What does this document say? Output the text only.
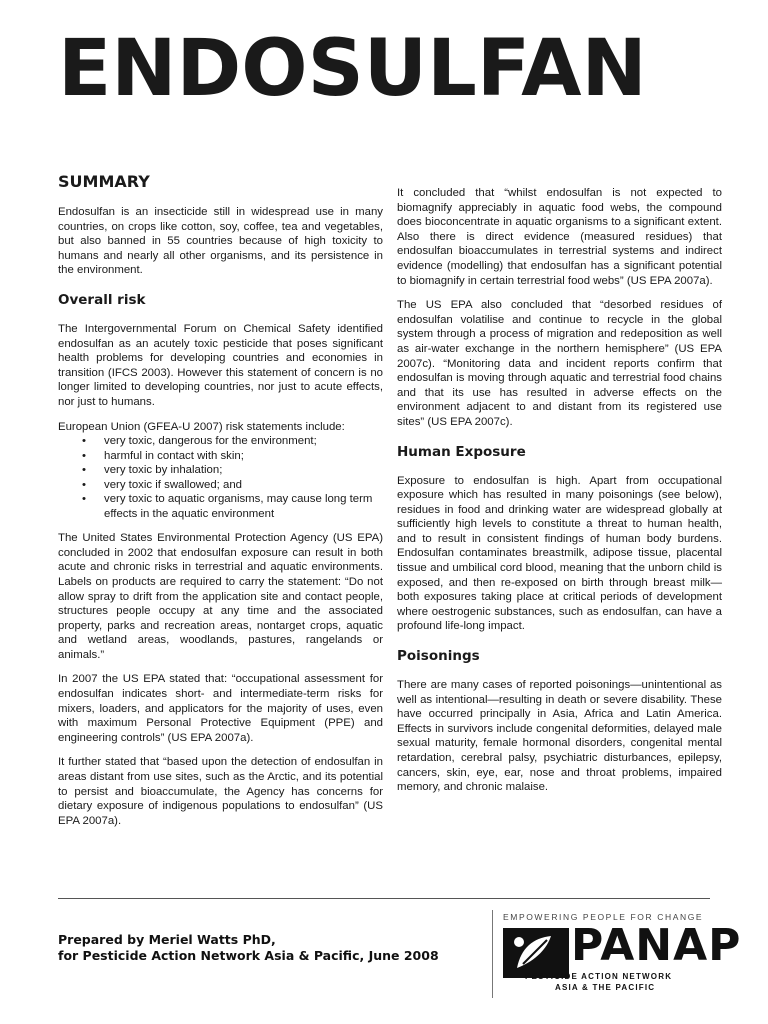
ENDOSULFAN
SUMMARY

Endosulfan is an insecticide still in widespread use in many countries, on crops like cotton, soy, coffee, tea and vegetables, but also banned in 55 countries because of high toxicity to humans and nearly all other organisms, and its persistence in the environment.

Overall risk

The Intergovernmental Forum on Chemical Safety identified endosulfan as an acutely toxic pesticide that poses significant health problems for developing countries and economies in transition (IFCS 2003). However this statement of concern is no longer limited to developing countries, nor just to acute effects, nor just to humans.

European Union (GFEA-U 2007) risk statements include:

• very toxic, dangerous for the environment;
• harmful in contact with skin;
• very toxic by inhalation;
• very toxic if swallowed; and
• very toxic to aquatic organisms, may cause long term effects in the aquatic environment

The United States Environmental Protection Agency (US EPA) concluded in 2002 that endosulfan exposure can result in both acute and chronic risks in terrestrial and aquatic environments. Labels on products are required to carry the statement: “Do not allow spray to drift from the application site and contact people, structures people occupy at any time and the associated property, parks and recreation areas, nontarget crops, aquatic and wetland areas, woodlands, pastures, rangelands or animals.”

In 2007 the US EPA stated that: “occupational assessment for endosulfan indicates short- and intermediate-term risks for mixers, loaders, and applicators for the majority of uses, even with maximum Personal Protective Equipment (PPE) and engineering controls” (US EPA 2007a).

It further stated that “based upon the detection of endosulfan in areas distant from use sites, such as the Arctic, and its potential to persist and bioaccumulate, the Agency has concerns for dietary exposure of indigenous populations to endosulfan” (US EPA 2007a).

It concluded that “whilst endosulfan is not expected to biomagnify appreciably in aquatic food webs, the compound does bioconcentrate in aquatic organisms to a significant extent. Also there is direct evidence (measured residues) that endosulfan bioaccumulates in terrestrial systems and indirect evidence (modelling) that endosulfan has a significant potential to biomagnify in certain terrestrial food webs” (US EPA 2007a).

The US EPA also concluded that “desorbed residues of endosulfan volatilise and continue to recycle in the global system through a process of migration and redeposition as well as air-water exchange in the northern hemisphere” (US EPA 2007c). “Monitoring data and incident reports confirm that endosulfan is moving through aquatic and terrestrial food chains and that its use has resulted in adverse effects on the environment adjacent to and distant from its registered use sites” (US EPA 2007c).

Human Exposure

Exposure to endosulfan is high. Apart from occupational exposure which has resulted in many poisonings (see below), residues in food and drinking water are widespread globally at sufficiently high levels to constitute a threat to human health, and to result in consistent findings of human body burdens. Endosulfan contaminates breastmilk, adipose tissue, placental tissue and umbilical cord blood, meaning that the unborn child is exposed, and then re-exposed on birth through breast milk—both exposures taking place at critical periods of development where oestrogenic substances, such as endosulfan, can have a profound life-long impact.

Poisonings

There are many cases of reported poisonings—unintentional as well as intentional—resulting in death or severe disability. These have occurred principally in Asia, Africa and Latin America. Effects in survivors include congenital deformities, delayed male sexual maturity, female hormonal disorders, congenital mental retardation, cerebral palsy, psychiatric disturbances, epilepsy, cancers, skin, eye, ear, nose and throat problems, impaired memory, and chronic malaise.

Prepared by Meriel Watts PhD,
for Pesticide Action Network Asia & Pacific, June 2008
EMPOWERING PEOPLE FOR CHANGE
PANAP
PESTICIDE ACTION NETWORK
ASIA & THE PACIFIC
